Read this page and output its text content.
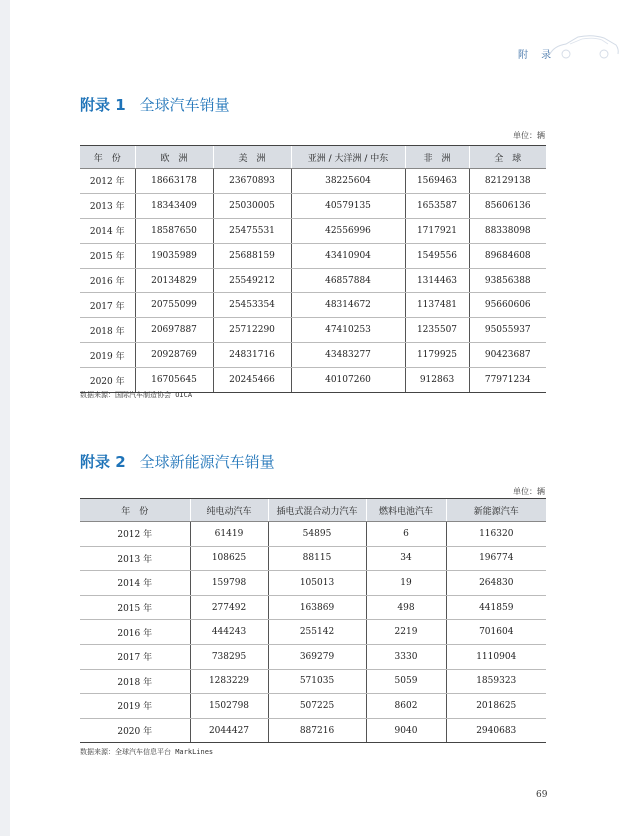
附 录
附录 1 全球汽车销量
单位：辆
年　份	欧　洲	美　洲	亚洲 / 大洋洲 / 中东	非　洲	全　球
2012 年	18663178	23670893	38225604	1569463	82129138
2013 年	18343409	25030005	40579135	1653587	85606136
2014 年	18587650	25475531	42556996	1717921	88338098
2015 年	19035989	25688159	43410904	1549556	89684608
2016 年	20134829	25549212	46857884	1314463	93856388
2017 年	20755099	25453354	48314672	1137481	95660606
2018 年	20697887	25712290	47410253	1235507	95055937
2019 年	20928769	24831716	43483277	1179925	90423687
2020 年	16705645	20245466	40107260	912863	77971234
数据来源：国际汽车制造协会 OICA
附录 2 全球新能源汽车销量
单位：辆
年　份	纯电动汽车	插电式混合动力汽车	燃料电池汽车	新能源汽车
2012 年	61419	54895	6	116320
2013 年	108625	88115	34	196774
2014 年	159798	105013	19	264830
2015 年	277492	163869	498	441859
2016 年	444243	255142	2219	701604
2017 年	738295	369279	3330	1110904
2018 年	1283229	571035	5059	1859323
2019 年	1502798	507225	8602	2018625
2020 年	2044427	887216	9040	2940683
数据来源：全球汽车信息平台 MarkLines
69
